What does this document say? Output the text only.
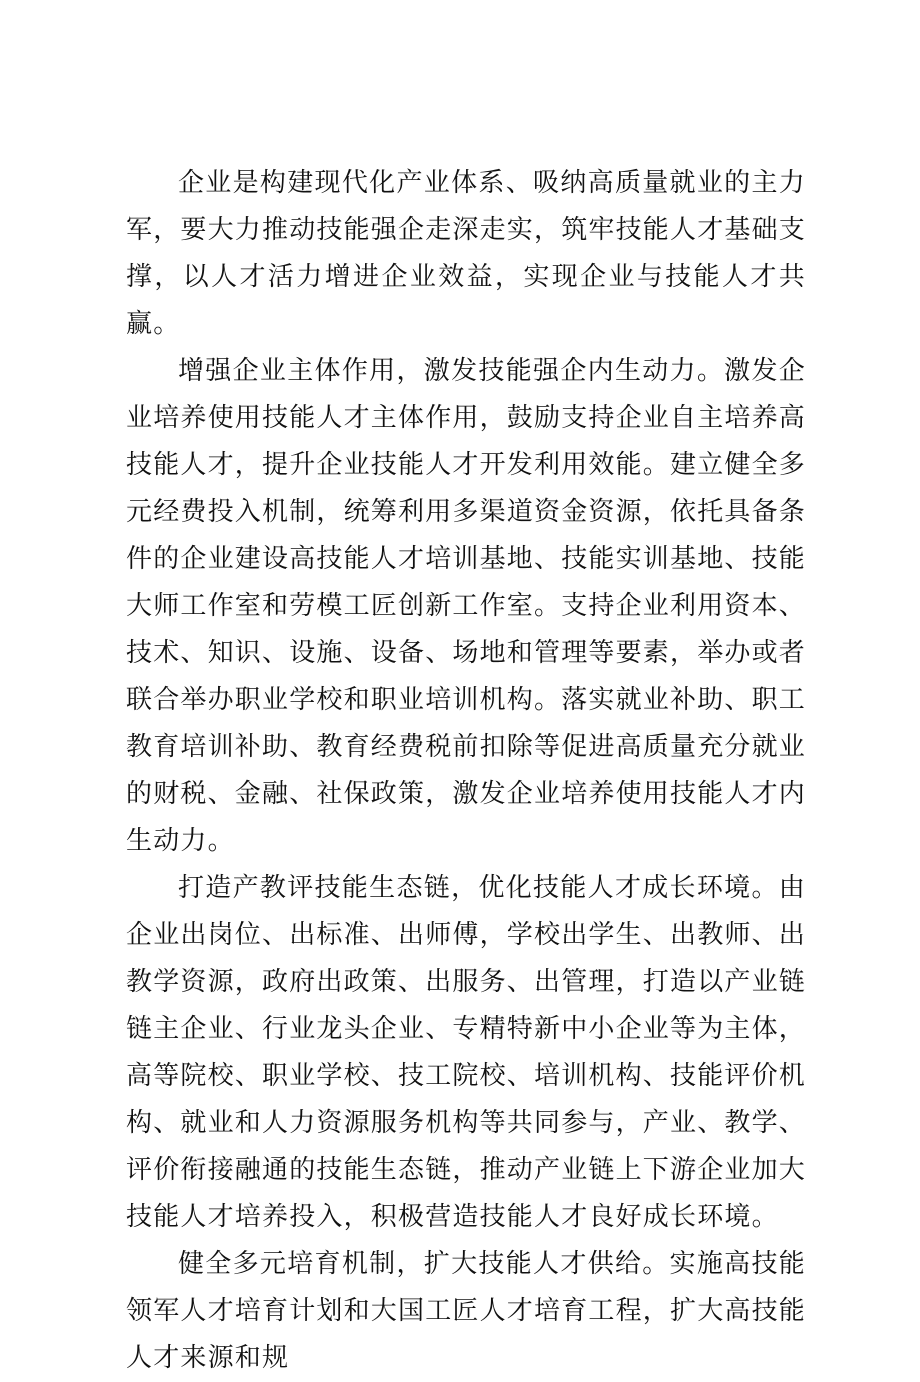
企业是构建现代化产业体系、吸纳高质量就业的主力军，要大力推动技能强企走深走实，筑牢技能人才基础支撑，以人才活力增进企业效益，实现企业与技能人才共赢。

增强企业主体作用，激发技能强企内生动力。激发企业培养使用技能人才主体作用，鼓励支持企业自主培养高技能人才，提升企业技能人才开发利用效能。建立健全多元经费投入机制，统筹利用多渠道资金资源，依托具备条件的企业建设高技能人才培训基地、技能实训基地、技能大师工作室和劳模工匠创新工作室。支持企业利用资本、技术、知识、设施、设备、场地和管理等要素，举办或者联合举办职业学校和职业培训机构。落实就业补助、职工教育培训补助、教育经费税前扣除等促进高质量充分就业的财税、金融、社保政策，激发企业培养使用技能人才内生动力。

打造产教评技能生态链，优化技能人才成长环境。由企业出岗位、出标准、出师傅，学校出学生、出教师、出教学资源，政府出政策、出服务、出管理，打造以产业链链主企业、行业龙头企业、专精特新中小企业等为主体，高等院校、职业学校、技工院校、培训机构、技能评价机构、就业和人力资源服务机构等共同参与，产业、教学、评价衔接融通的技能生态链，推动产业链上下游企业加大技能人才培养投入，积极营造技能人才良好成长环境。

健全多元培育机制，扩大技能人才供给。实施高技能领军人才培育计划和大国工匠人才培育工程，扩大高技能人才来源和规
